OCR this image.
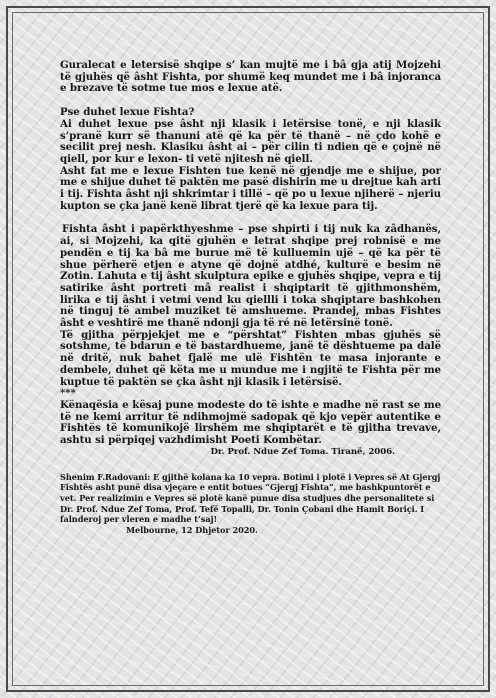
Guralecat e letersisë shqipe s’ kan mujtë me i bâ gja atij Mojzehi të gjuhës që âsht Fishta, por shumë keq mundet me i bâ injoranca e brezave të sotme tue mos e lexue atë.

Pse duhet lexue Fishta?

Ai duhet lexue pse âsht nji klasik i letërsise tonë, e nji klasik s’pranë kurr së thanuni atë që ka për të thanë – në çdo kohë e secilit prej nesh. Klasiku âsht ai – për cilin ti ndien që e çojnë në qiell, por kur e lexon- ti vetë njitesh në qiell.

Asht fat me e lexue Fishten tue kenë në gjendje me e shijue, por me e shijue duhet të paktën me pasë dishirin me u drejtue kah arti i tij. Fishta âsht nji shkrimtar i tillë – që po u lexue njiherë – njeriu kupton se çka janë kenë librat tjerë që ka lexue para tij.

Fishta âsht i papërkthyeshme – pse shpirti i tij nuk ka zâdhanës, ai, si Mojzehi, ka qitë gjuhën e letrat shqipe prej robnisë e me pendën e tij ka bâ me burue më të kulluemin ujë – që ka për të shue përherë etjen e atyne që dojnë atdhé, kulturë e besim në Zotin. Lahuta e tij âsht skulptura epike e gjuhës shqipe, vepra e tij satirike âsht portreti mâ realist i shqiptarit të gjithmonshëm, lirika e tij âsht i vetmi vend ku qiellli i toka shqiptare bashkohen në tinguj të ambel muziket të amshueme. Prandej, mbas Fishtes âsht e veshtirë me thanë ndonji gja të ré në letërsinë tonë.

Të gjitha përpjekjet me e “përshtat” Fishten mbas gjuhës së sotshme, të bdarun e të bastardhueme, janë të dështueme pa dalë në dritë, nuk bahet fjalë me ulë Fishtën te masa injorante e dembele, duhet që këta me u mundue me i ngjitë te Fishta për me kuptue të paktën se çka âsht nji klasik i letërsisë.

***

Kënaqësia e kësaj pune modeste do të ishte e madhe në rast se me të ne kemi arritur të ndihmojmë sadopak që kjo vepër autentike e Fishtës të komunikojë lirshëm me shqiptarët e të gjitha trevave, ashtu si përpiqej vazhdimisht Poeti Kombëtar.

Dr. Prof. Ndue Zef Toma. Tiranë, 2006.

Shenim F.Radovani: E gjithë kolana ka 10 vepra. Botimi i plotë i Vepres së At Gjergj Fishtës asht punë disa vjeçare e entit botues “Gjergj Fishta”, me bashkpuntorët e vet. Per realizimin e Vepres së plotë kanë punue disa studjues dhe personalitete si Dr. Prof. Ndue Zef Toma, Prof. Tefë Topalli, Dr. Tonin Çobani dhe Hamit Boriçi. I falnderoj per vleren e madhe t’saj!

Melbourne, 12 Dhjetor 2020.
